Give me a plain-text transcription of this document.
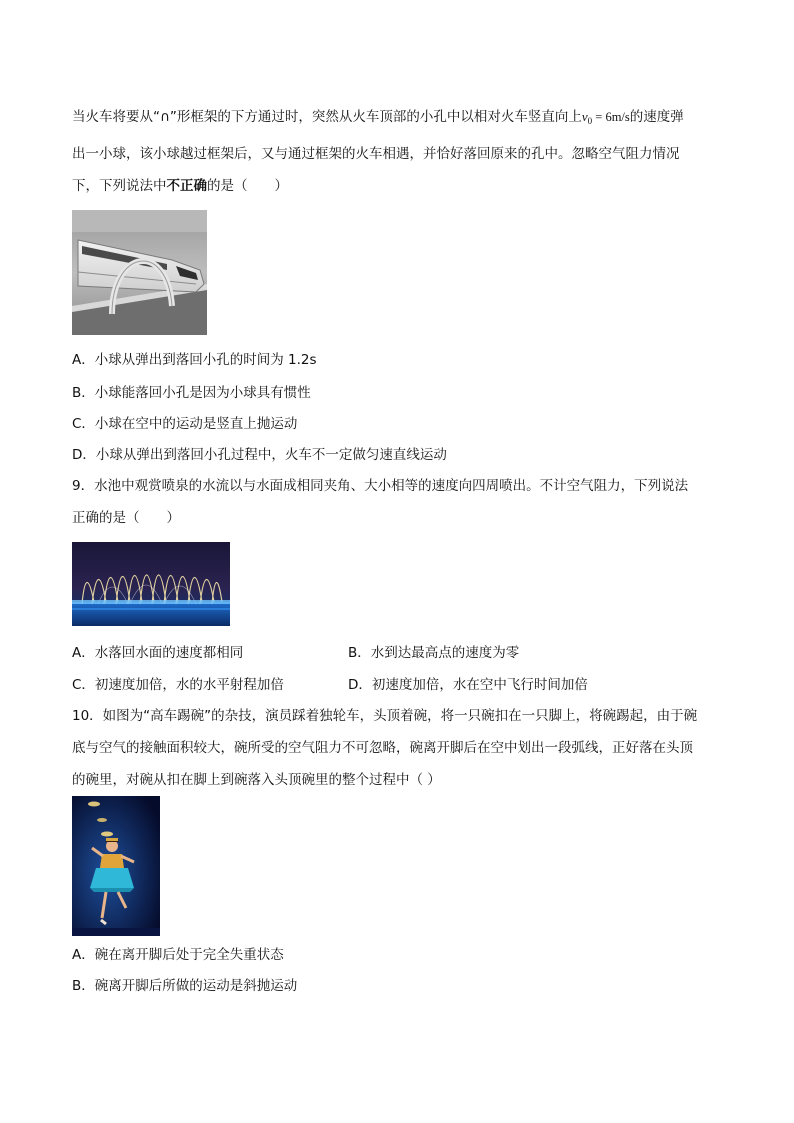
当火车将要从“∩”形框架的下方通过时，突然从火车顶部的小孔中以相对火车竖直向上$v_0 = 6m/s$的速度弹
出一小球，该小球越过框架后，又与通过框架的火车相遇，并恰好落回原来的孔中。忽略空气阻力情况
下，下列说法中不正确的是（　　）
A．小球从弹出到落回小孔的时间为 1.2s
B．小球能落回小孔是因为小球具有惯性
C．小球在空中的运动是竖直上抛运动
D．小球从弹出到落回小孔过程中，火车不一定做匀速直线运动
9．水池中观赏喷泉的水流以与水面成相同夹角、大小相等的速度向四周喷出。不计空气阻力，下列说法
正确的是（　　）
A．水落回水面的速度都相同	B．水到达最高点的速度为零
C．初速度加倍，水的水平射程加倍	D．初速度加倍，水在空中飞行时间加倍
10．如图为“高车踢碗”的杂技，演员踩着独轮车，头顶着碗，将一只碗扣在一只脚上，将碗踢起，由于碗
底与空气的接触面积较大，碗所受的空气阻力不可忽略，碗离开脚后在空中划出一段弧线，正好落在头顶
的碗里，对碗从扣在脚上到碗落入头顶碗里的整个过程中（ ）
A．碗在离开脚后处于完全失重状态
B．碗离开脚后所做的运动是斜抛运动
